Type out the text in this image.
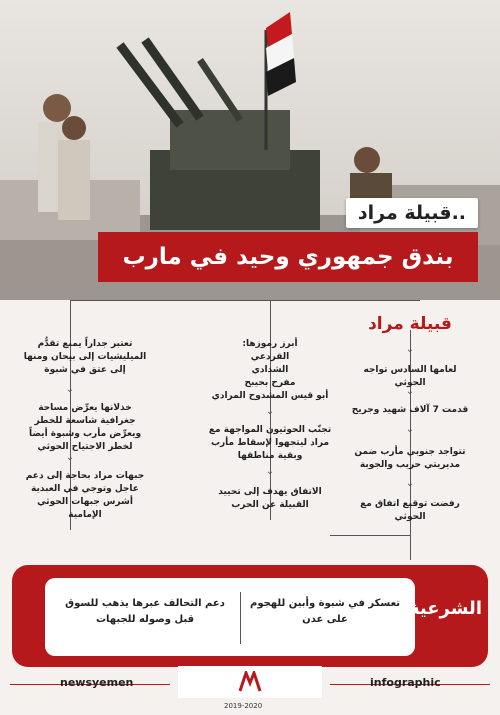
قبيلة مراد..
بندق جمهوري وحيد في مارب
قبيلة مراد
⌄
لعامها السادس تواجه الحوثي
⌄
قدمت 7 آلاف شهيد وجريح
⌄
تتواجد جنوبي مأرب ضمن مديريتي حريب والجوبة
⌄
رفضت توقيع اتفاق مع الحوثي
أبرز رموزها:
القردعي
الشدادي
مفرح بحيبح
أبو قيس المشدوح المرادي
⌄
تجنّب الحوثيون المواجهة مع مراد ليتجهوا لإسقاط مأرب وبقية مناطقها
⌄
الاتفاق يهدف إلى تحييد القبيلة عن الحرب
تعتبر جداراً يمنع تقدُّم الميليشيات إلى بيحان ومنها إلى عتق في شبوة
⌄
خذلانها يعرِّض مساحة جغرافية شاسعة للخطر ويعرِّض مأرب وشبوة أيضاً لخطر الاجتياح الحوثي
⌄
جبهات مراد بحاجة إلى دعم عاجل وتوجي في العبدية أشرس جبهات الحوثي الإمامية
الشرعية
تعسكر في شبوة وأبين للهجوم على عدن
دعم التحالف عبرها يذهب للسوق قبل وصوله للجبهات
newsyemen	infographic
2019-2020
